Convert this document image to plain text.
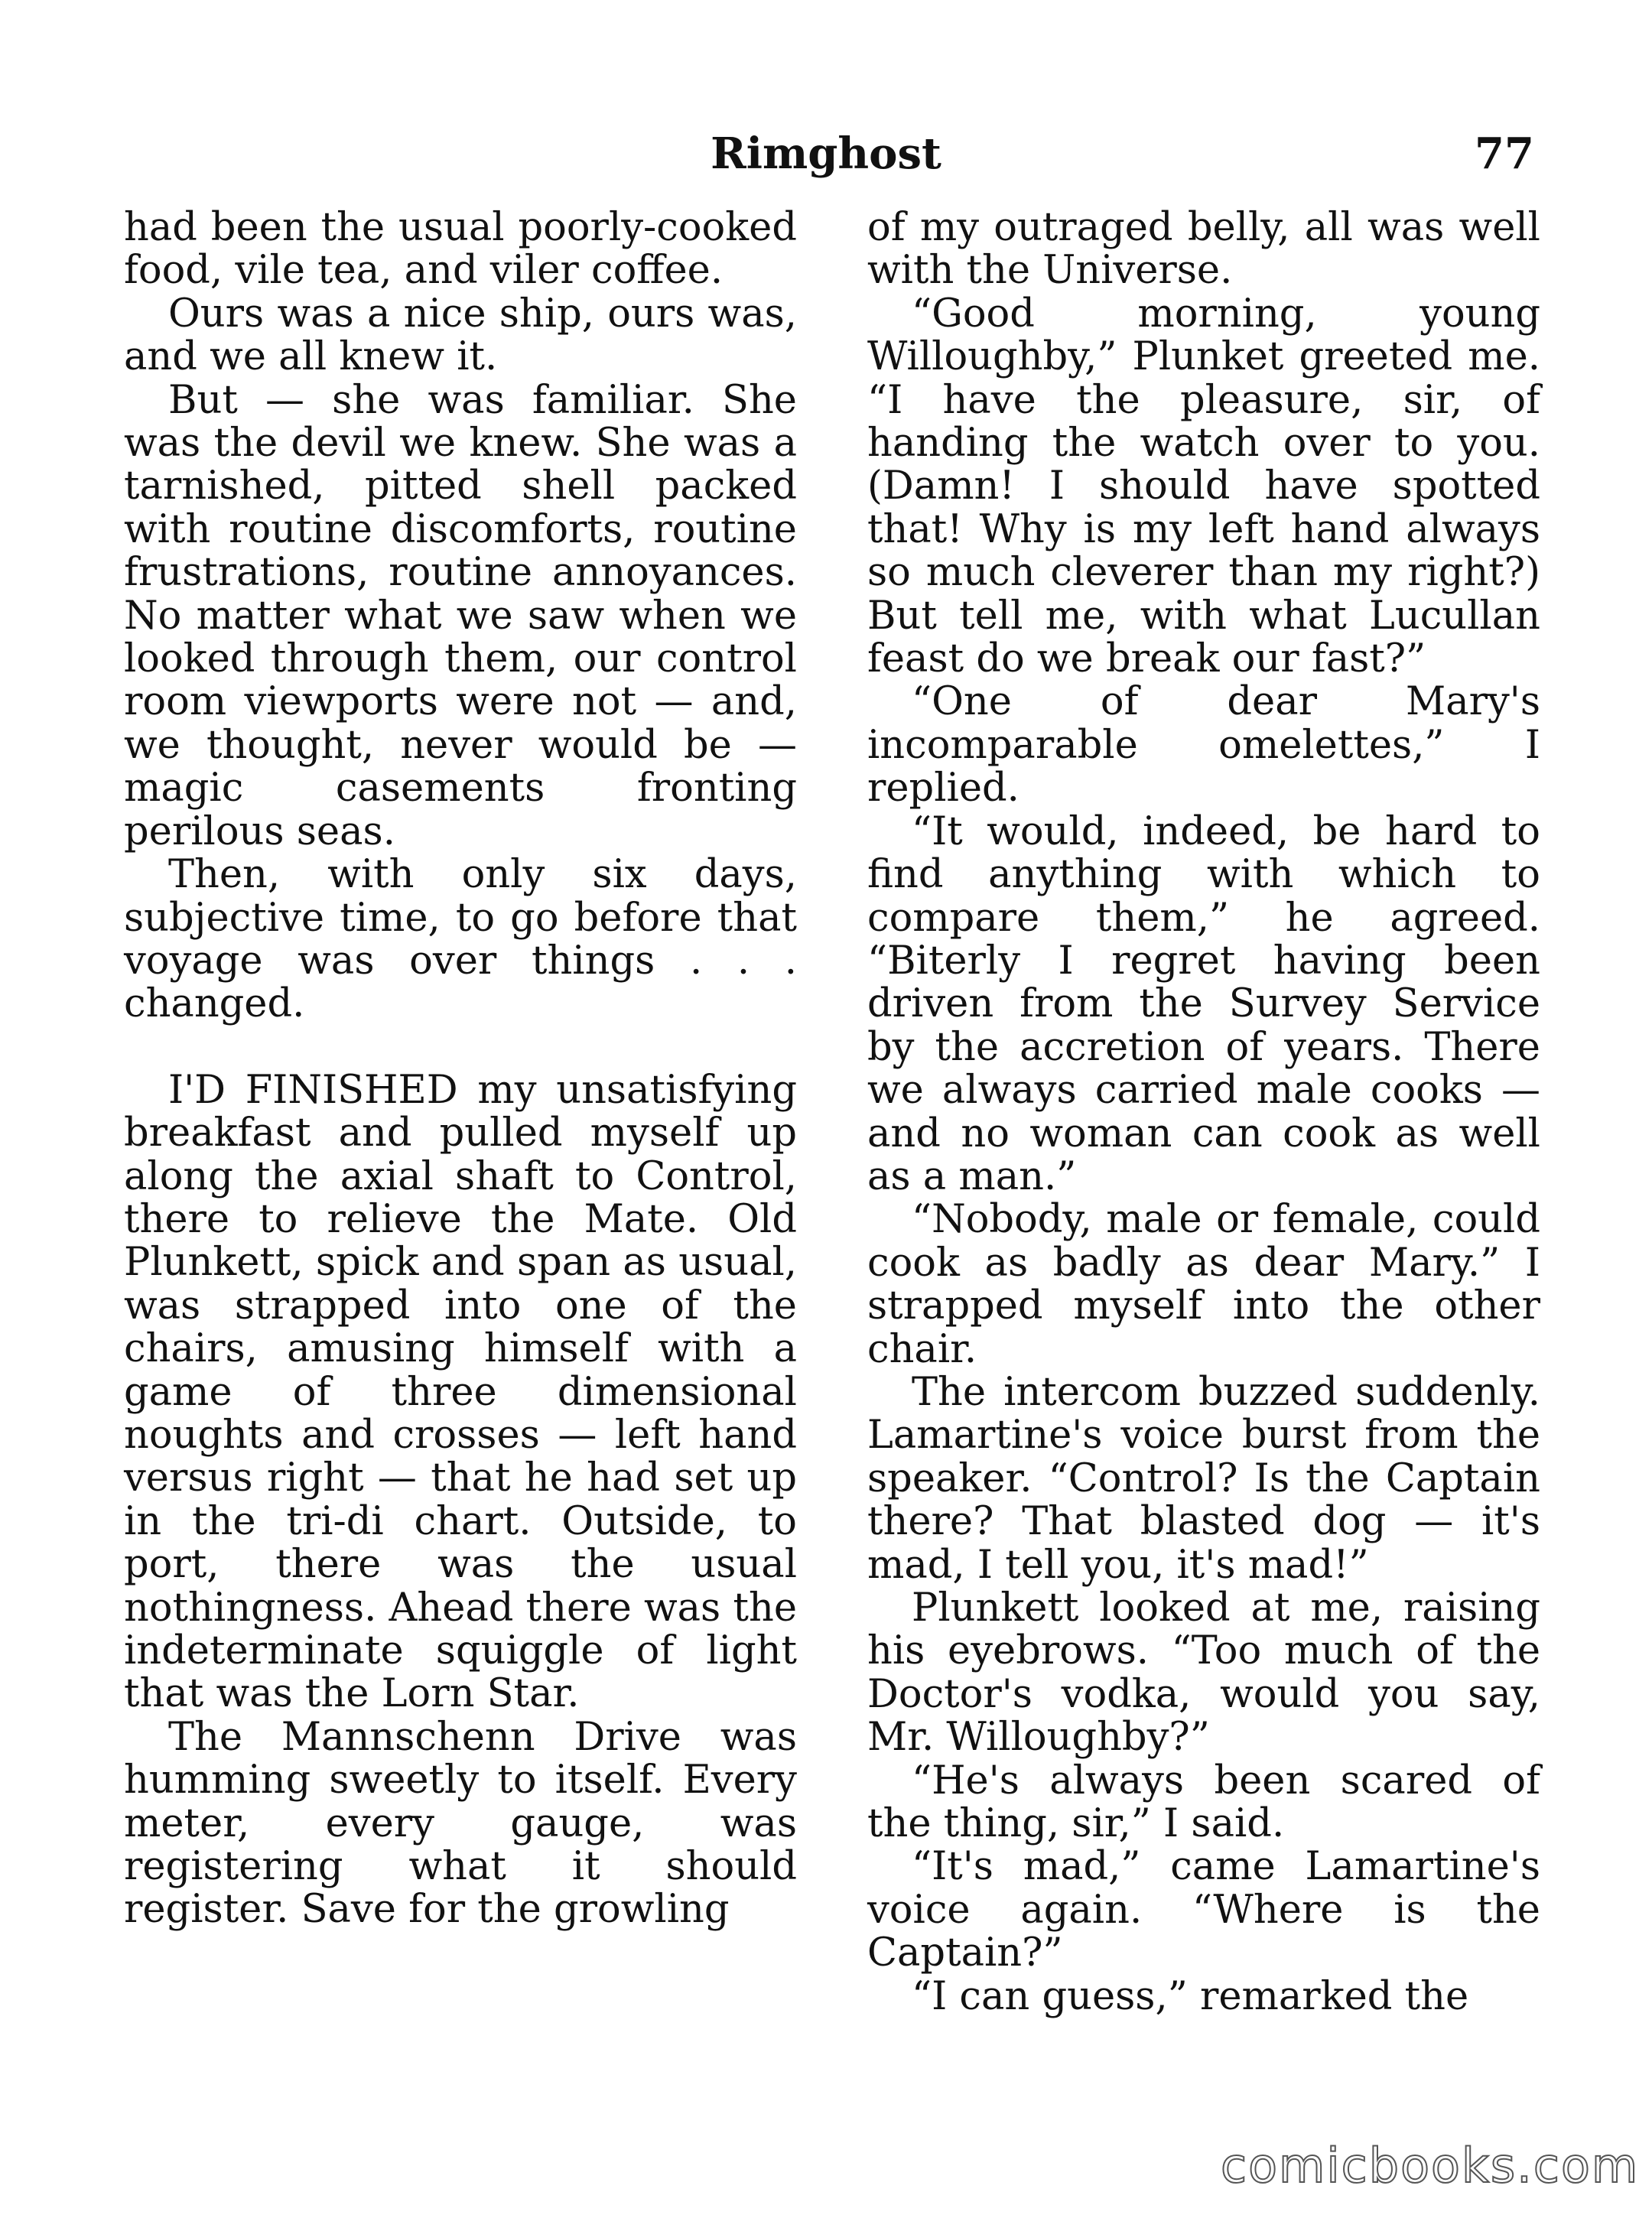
Rimghost	77

had been the usual poorly-cooked food, vile tea, and viler coffee.

Ours was a nice ship, ours was, and we all knew it.

But — she was familiar. She was the devil we knew. She was a tarnished, pitted shell packed with routine discomforts, routine frustrations, routine annoyances. No matter what we saw when we looked through them, our control room viewports were not — and, we thought, never would be — magic casements fronting perilous seas.

Then, with only six days, subjective time, to go before that voyage was over things . . . changed.

I'D FINISHED my unsatisfying breakfast and pulled myself up along the axial shaft to Control, there to relieve the Mate. Old Plunkett, spick and span as usual, was strapped into one of the chairs, amusing himself with a game of three dimensional noughts and crosses — left hand versus right — that he had set up in the tri-di chart. Outside, to port, there was the usual nothingness. Ahead there was the indeterminate squiggle of light that was the Lorn Star.

The Mannschenn Drive was humming sweetly to itself. Every meter, every gauge, was registering what it should register. Save for the growling

of my outraged belly, all was well with the Universe.

“Good morning, young Willoughby,” Plunket greeted me. “I have the pleasure, sir, of handing the watch over to you. (Damn! I should have spotted that! Why is my left hand always so much cleverer than my right?) But tell me, with what Lucullan feast do we break our fast?”

“One of dear Mary's incomparable omelettes,” I replied.

“It would, indeed, be hard to find anything with which to compare them,” he agreed. “Biterly I regret having been driven from the Survey Service by the accretion of years. There we always carried male cooks — and no woman can cook as well as a man.”

“Nobody, male or female, could cook as badly as dear Mary.” I strapped myself into the other chair.

The intercom buzzed suddenly. Lamartine's voice burst from the speaker. “Control? Is the Captain there? That blasted dog — it's mad, I tell you, it's mad!”

Plunkett looked at me, raising his eyebrows. “Too much of the Doctor's vodka, would you say, Mr. Willoughby?”

“He's always been scared of the thing, sir,” I said.

“It's mad,” came Lamartine's voice again. “Where is the Captain?”

“I can guess,” remarked the

comicbooks.com
